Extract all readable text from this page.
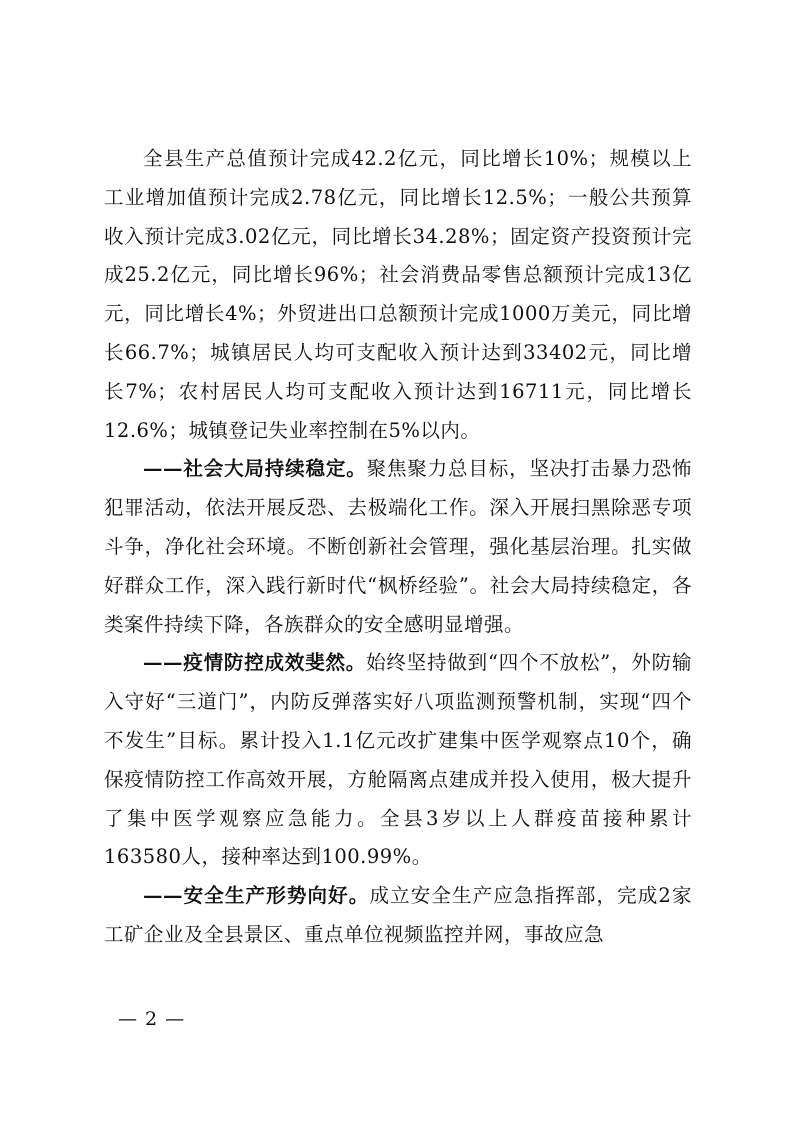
全县生产总值预计完成42.2亿元，同比增长10%；规模以上工业增加值预计完成2.78亿元，同比增长12.5%；一般公共预算收入预计完成3.02亿元，同比增长34.28%；固定资产投资预计完成25.2亿元，同比增长96%；社会消费品零售总额预计完成13亿元，同比增长4%；外贸进出口总额预计完成1000万美元，同比增长66.7%；城镇居民人均可支配收入预计达到33402元，同比增长7%；农村居民人均可支配收入预计达到16711元，同比增长12.6%；城镇登记失业率控制在5%以内。

——社会大局持续稳定。聚焦聚力总目标，坚决打击暴力恐怖犯罪活动，依法开展反恐、去极端化工作。深入开展扫黑除恶专项斗争，净化社会环境。不断创新社会管理，强化基层治理。扎实做好群众工作，深入践行新时代“枫桥经验”。社会大局持续稳定，各类案件持续下降，各族群众的安全感明显增强。

——疫情防控成效斐然。始终坚持做到“四个不放松”，外防输入守好“三道门”，内防反弹落实好八项监测预警机制，实现“四个不发生”目标。累计投入1.1亿元改扩建集中医学观察点10个，确保疫情防控工作高效开展，方舱隔离点建成并投入使用，极大提升了集中医学观察应急能力。全县3岁以上人群疫苗接种累计163580人，接种率达到100.99%。

——安全生产形势向好。成立安全生产应急指挥部，完成2家工矿企业及全县景区、重点单位视频监控并网，事故应急

— 2 —
